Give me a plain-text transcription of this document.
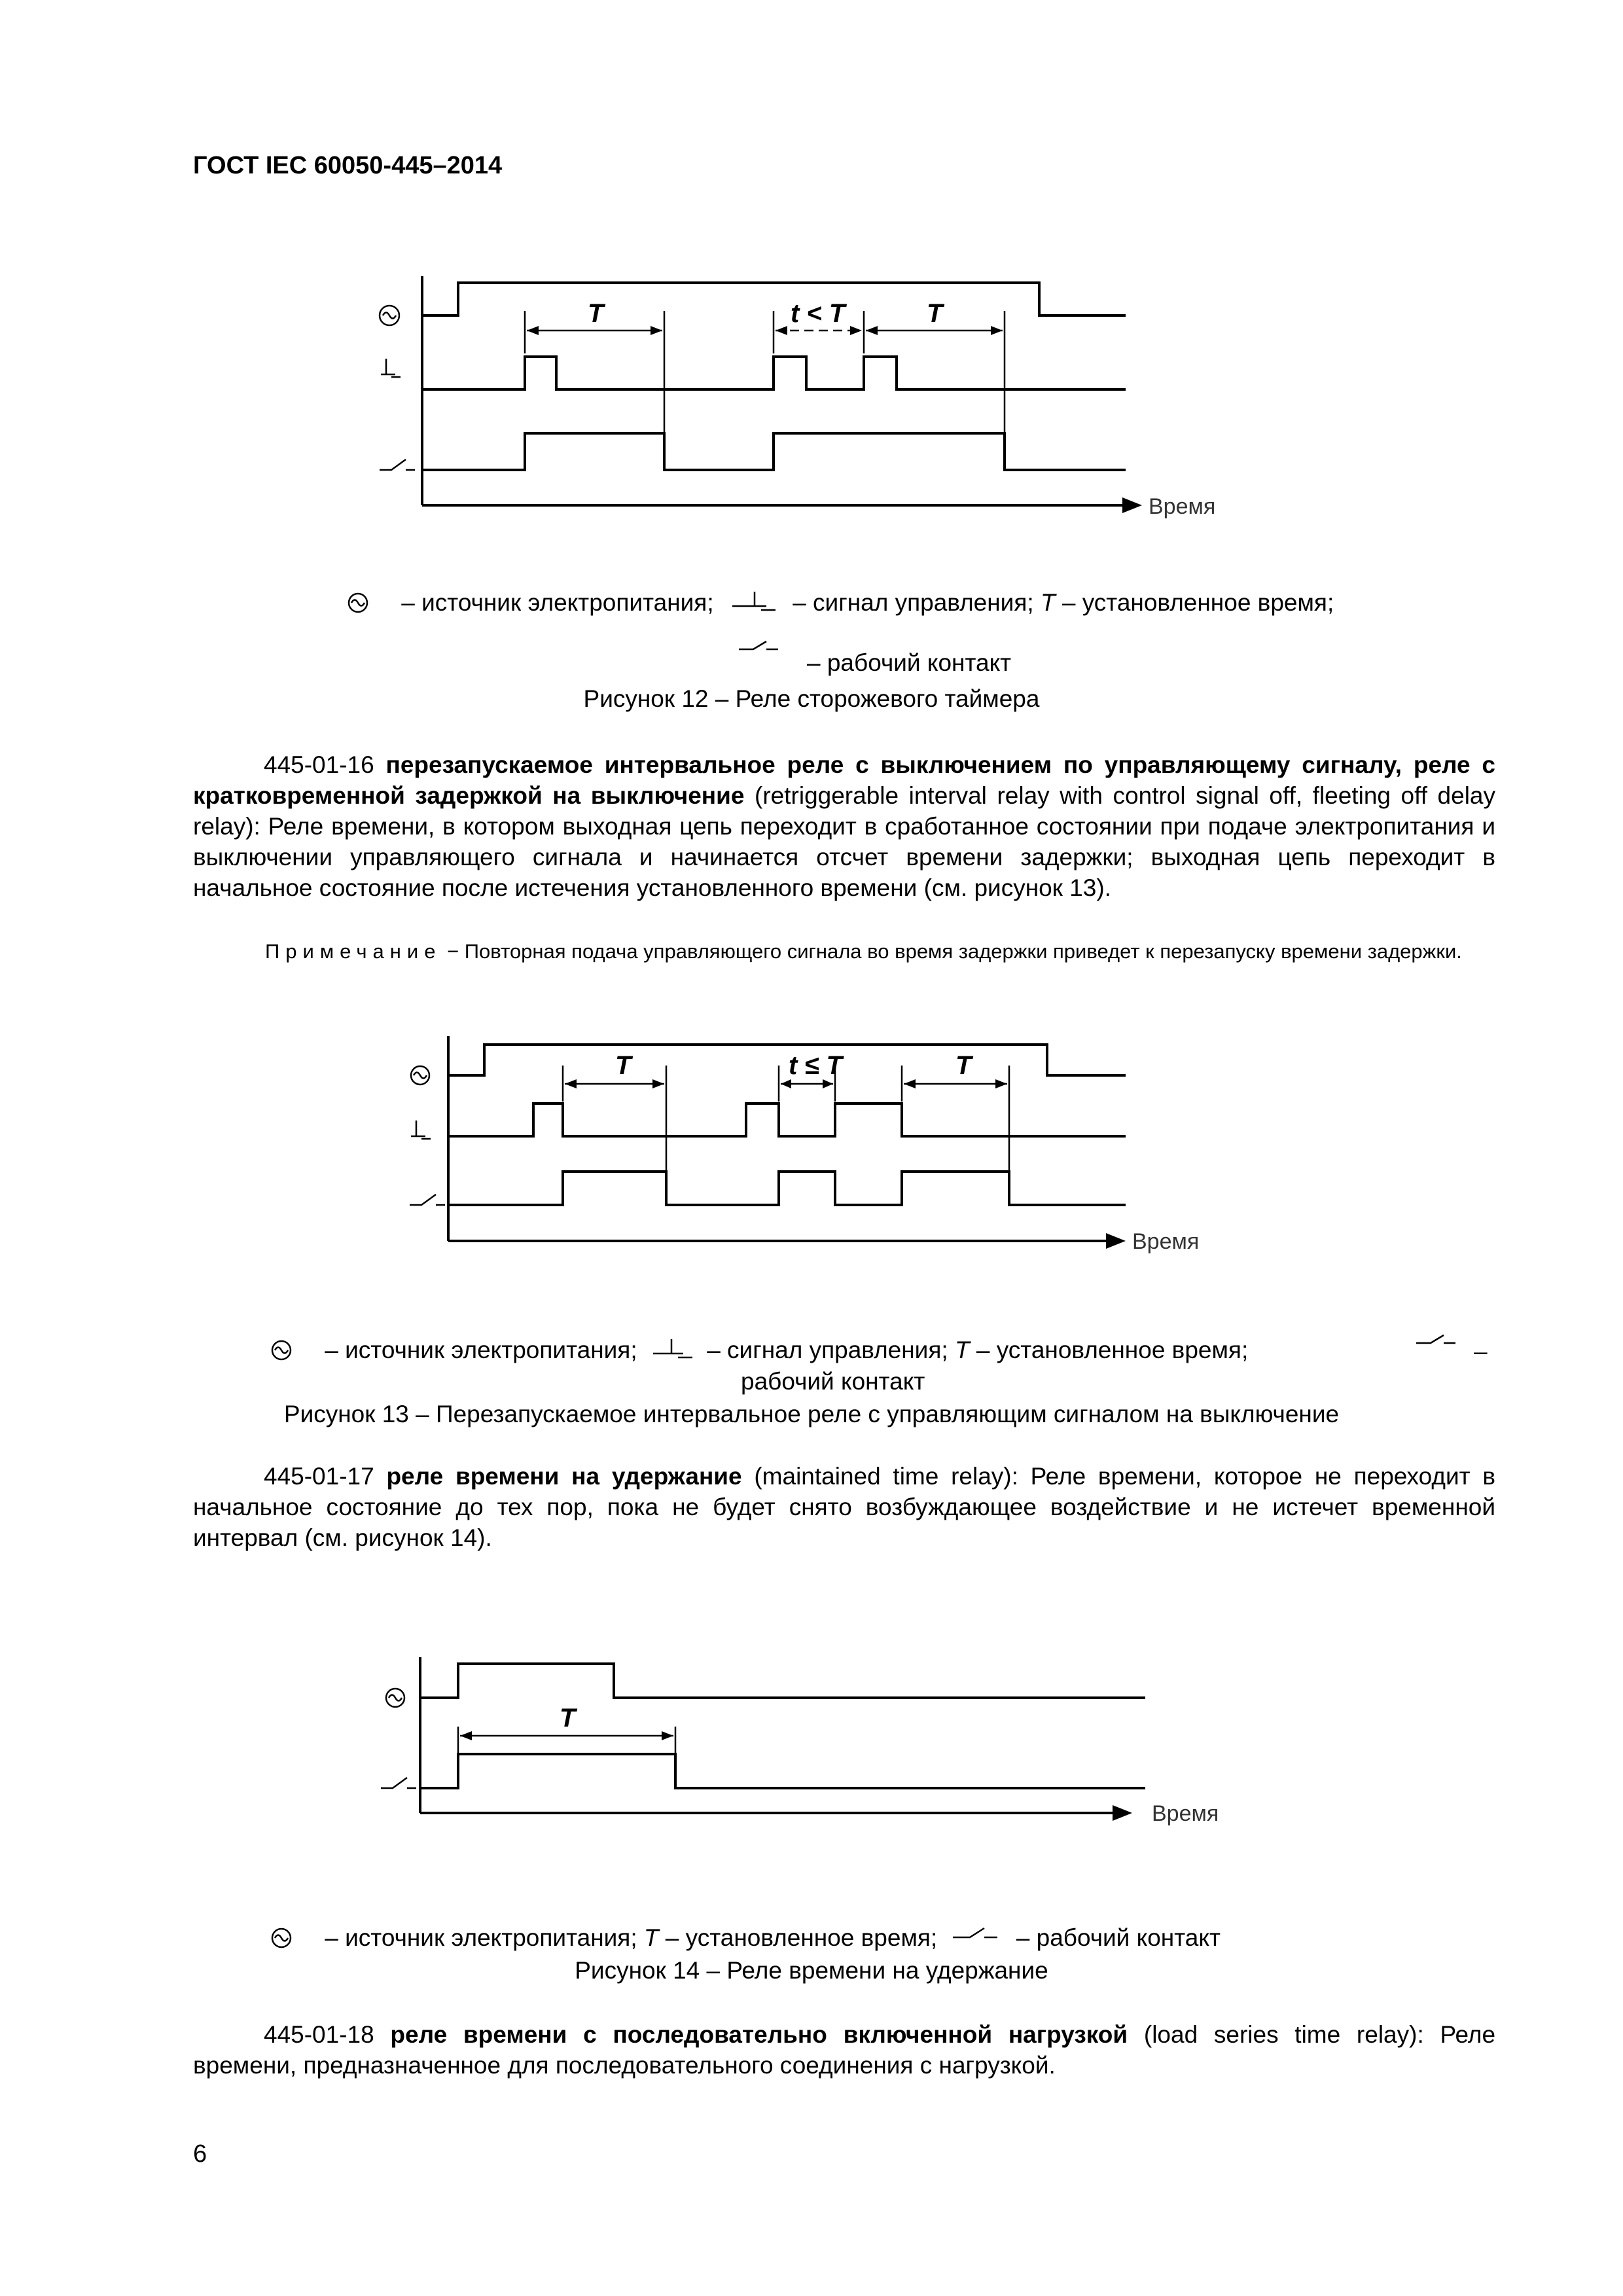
ГОСТ IEC 60050-445–2014
Время
T	t < T	T
– источник электропитания;	– сигнал управления; T – установленное время;
– рабочий контакт
Рисунок 12 – Реле сторожевого таймера
445-01-16 перезапускаемое интервальное реле с выключением по управляющему сигналу, реле с кратковременной задержкой на выключение (retriggerable interval relay with control signal off, fleeting off delay relay): Реле времени, в котором выходная цепь переходит в сработанное состоянии при подаче электропитания и выключении управляющего сигнала и начинается отсчет времени задержки; выходная цепь переходит в начальное состояние после истечения установленного времени (см. рисунок 13).
Примечание − Повторная подача управляющего сигнала во время задержки приведет к перезапуску времени задержки.
Время
T	t ≤ T	T
– источник электропитания;	– сигнал управления; T – установленное время;	–
рабочий контакт
Рисунок 13 – Перезапускаемое интервальное реле с управляющим сигналом на выключение
445-01-17 реле времени на удержание (maintained time relay): Реле времени, которое не переходит в начальное состояние до тех пор, пока не будет снято возбуждающее воздействие и не истечет временной интервал (см. рисунок 14).
Время
T
– источник электропитания; T – установленное время;	– рабочий контакт
Рисунок 14 – Реле времени на удержание
445-01-18 реле времени с последовательно включенной нагрузкой (load series time relay): Реле времени, предназначенное для последовательного соединения с нагрузкой.
6
